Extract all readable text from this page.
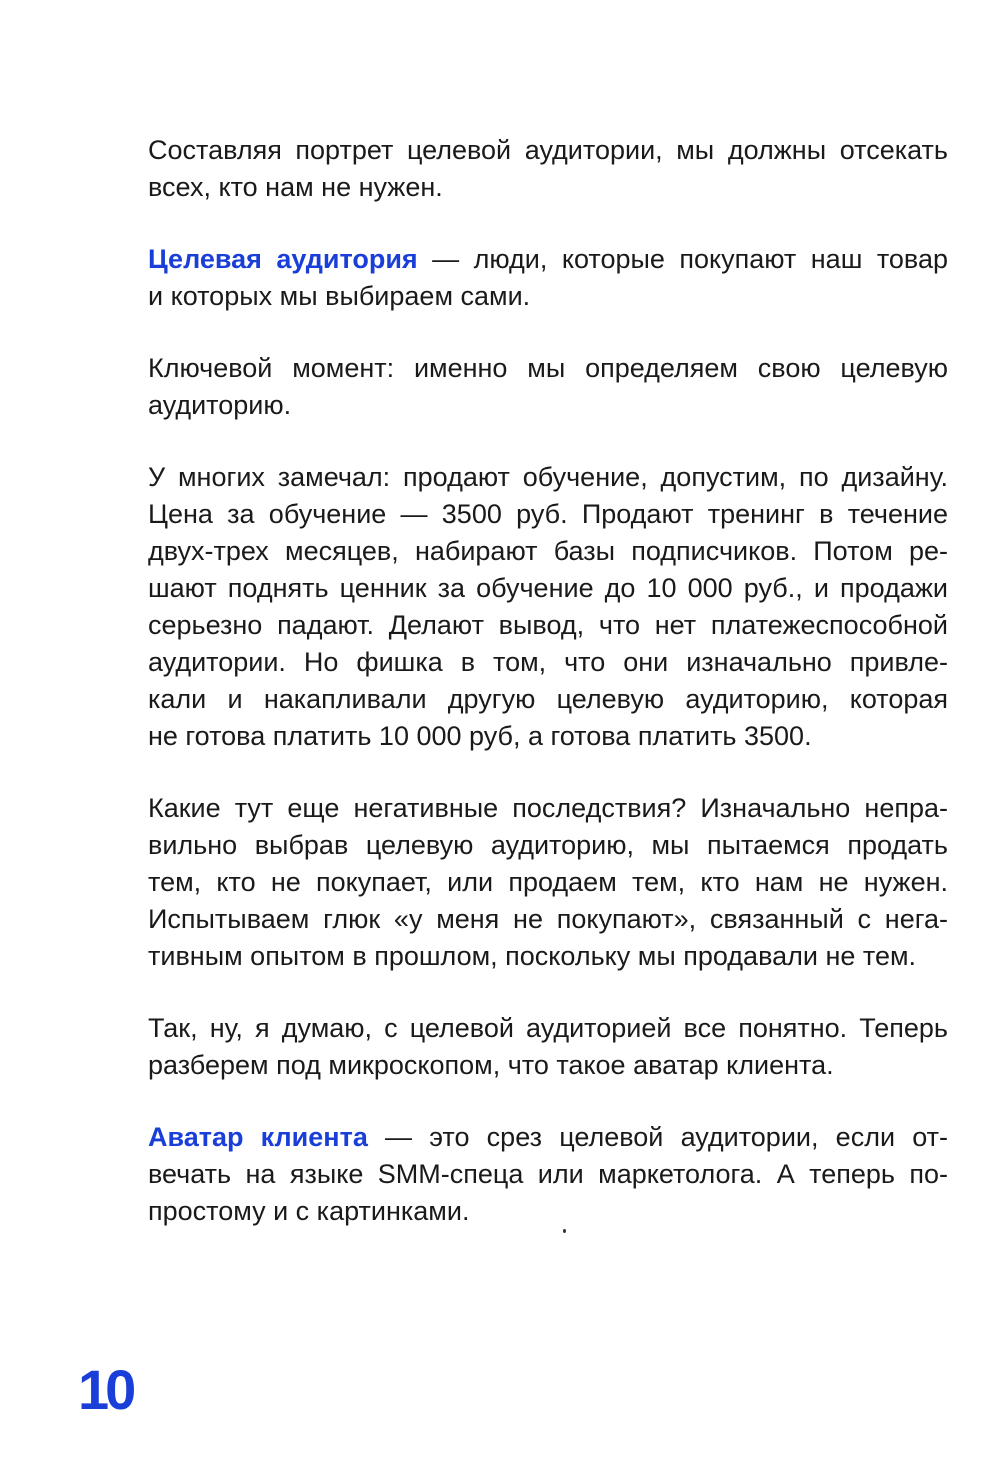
Составляя портрет целевой аудитории, мы должны отсекать
всех, кто нам не нужен.

Целевая аудитория — люди, которые покупают наш товар
и которых мы выбираем сами.

Ключевой момент: именно мы определяем свою целевую
аудиторию.

У многих замечал: продают обучение, допустим, по дизайну.
Цена за обучение — 3500 руб. Продают тренинг в течение
двух-трех месяцев, набирают базы подписчиков. Потом ре-
шают поднять ценник за обучение до 10 000 руб., и продажи
серьезно падают. Делают вывод, что нет платежеспособной
аудитории. Но фишка в том, что они изначально привле-
кали и накапливали другую целевую аудиторию, которая
не готова платить 10 000 руб, а готова платить 3500.

Какие тут еще негативные последствия? Изначально непра-
вильно выбрав целевую аудиторию, мы пытаемся продать
тем, кто не покупает, или продаем тем, кто нам не нужен.
Испытываем глюк «у меня не покупают», связанный с нега-
тивным опытом в прошлом, поскольку мы продавали не тем.

Так, ну, я думаю, с целевой аудиторией все понятно. Теперь
разберем под микроскопом, что такое аватар клиента.

Аватар клиента — это срез целевой аудитории, если от-
вечать на языке SMM-спеца или маркетолога. А теперь по-
простому и с картинками.

10
